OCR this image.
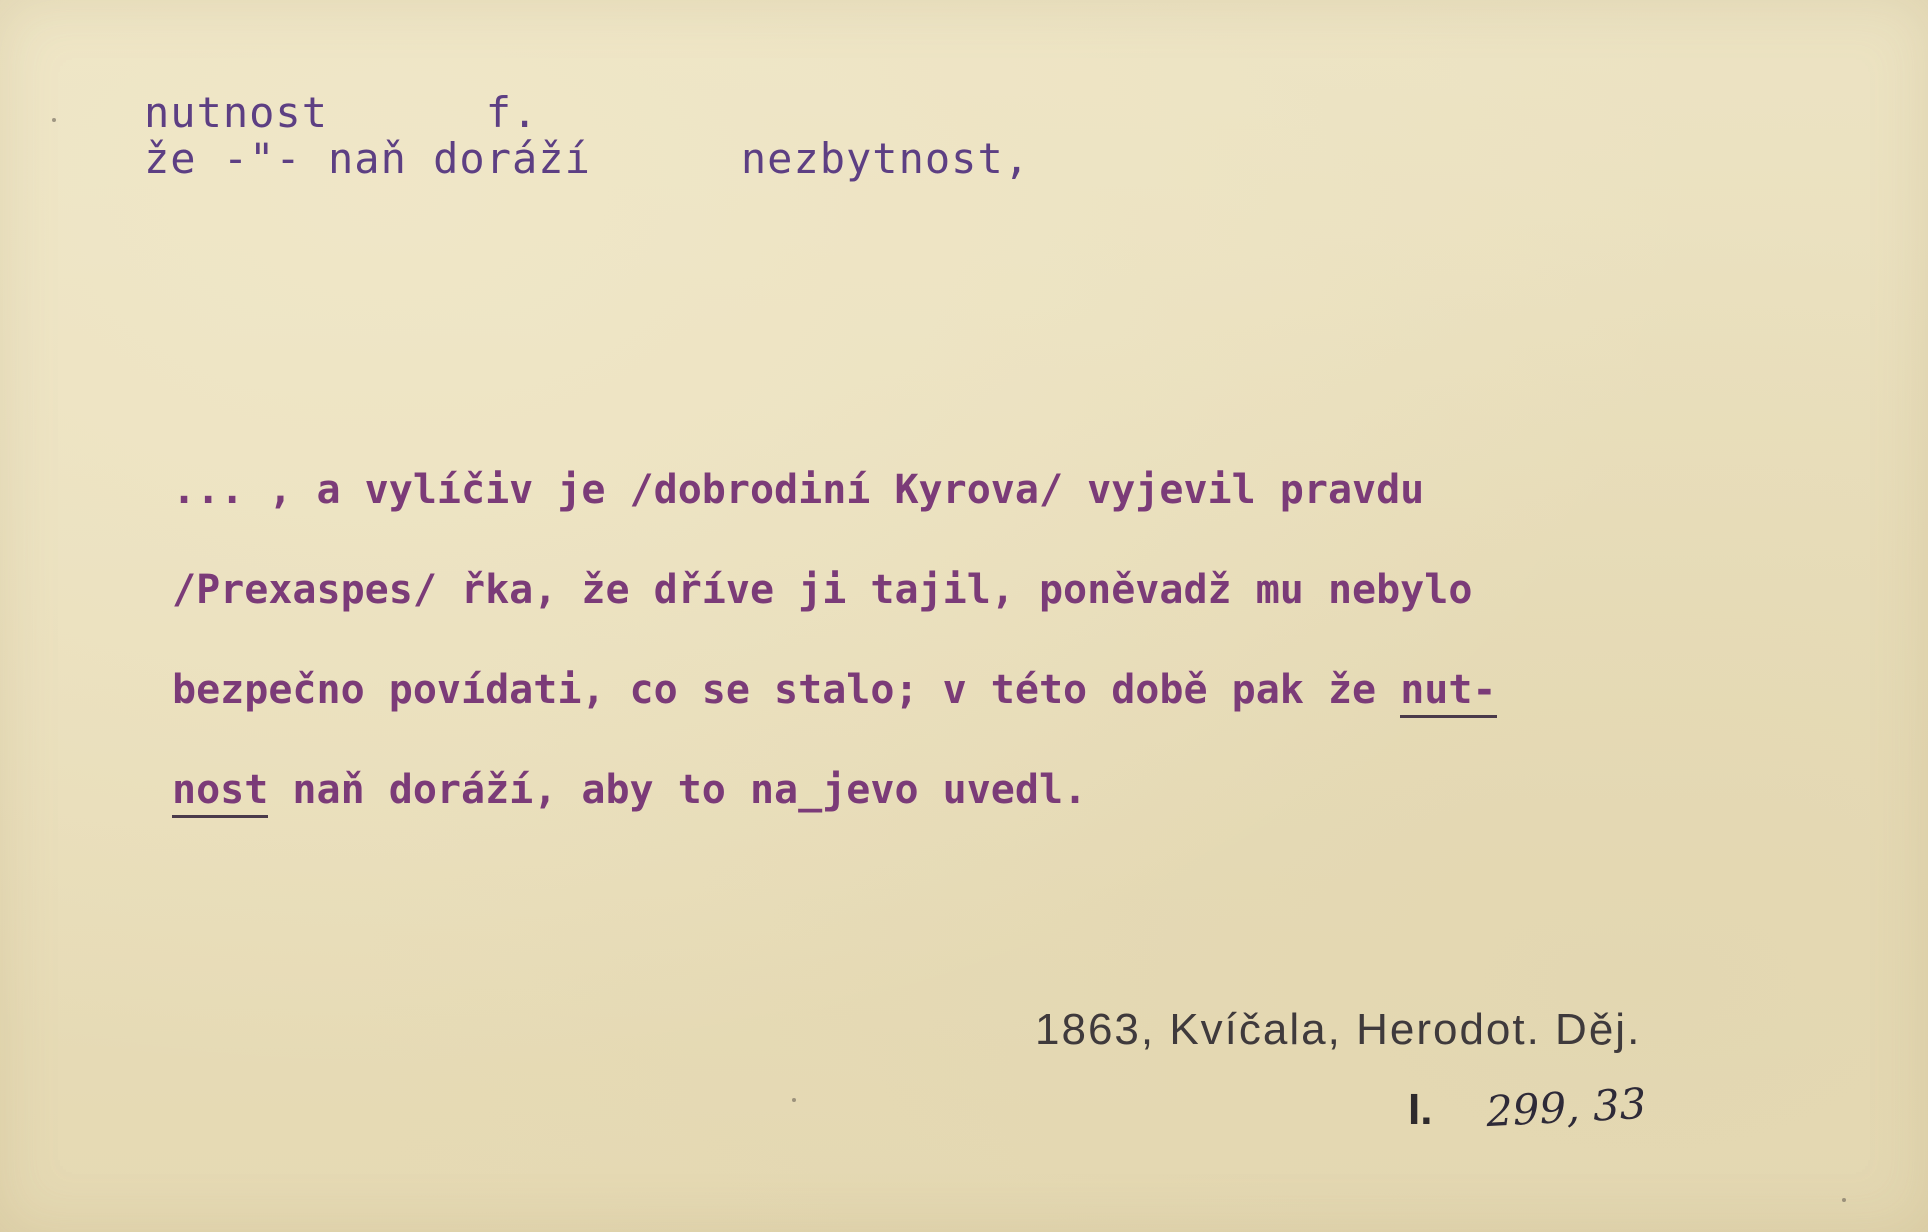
nutnost	f.
že -"- naň doráží	nezbytnost,
... , a vylíčiv je /dobrodiní Kyrova/ vyjevil pravdu
/Prexaspes/ řka, že dříve ji tajil, poněvadž mu nebylo
bezpečno povídati, co se stalo; v této době pak že nut-
nost naň doráží, aby to na_jevo uvedl.
1863, Kvíčala, Herodot. Děj.
I. 299, 33
